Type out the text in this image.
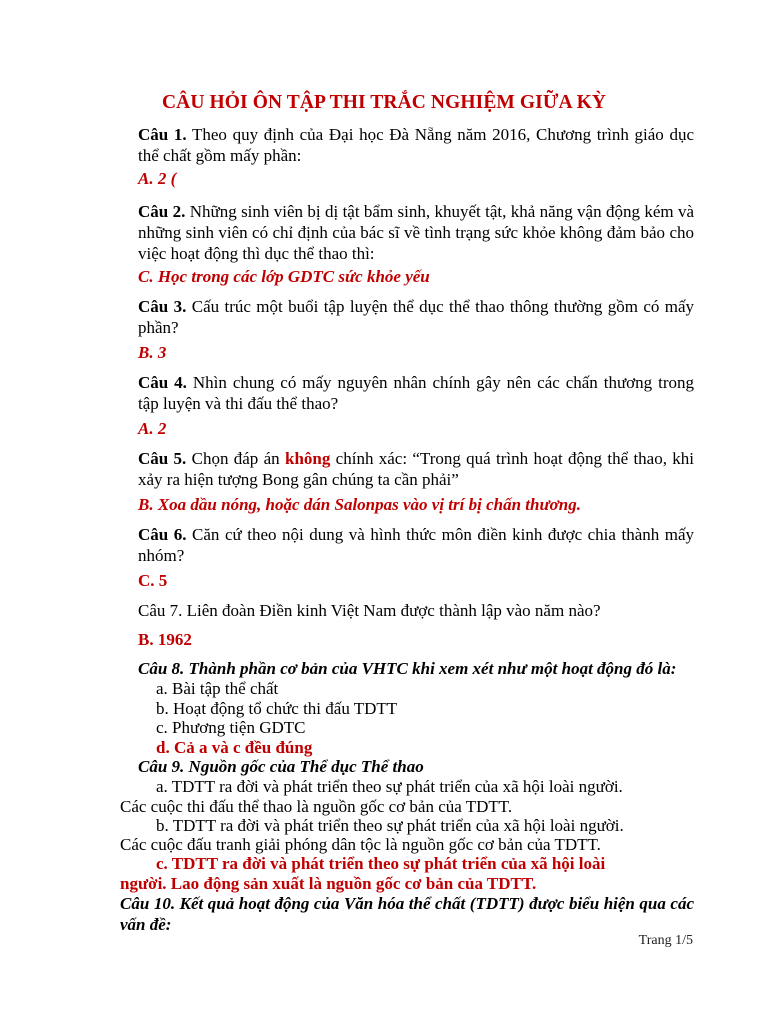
CÂU HỎI ÔN TẬP THI TRẮC NGHIỆM GIỮA KỲ
Câu 1. Theo quy định của Đại học Đà Nẵng năm 2016, Chương trình giáo dục thể chất gồm mấy phần:
A. 2 (
Câu 2. Những sinh viên bị dị tật bẩm sinh, khuyết tật, khả năng vận động kém và những sinh viên có chỉ định của bác sĩ về tình trạng sức khỏe không đảm bảo cho việc hoạt động thì dục thể thao thì:
C. Học trong các lớp GDTC sức khỏe yếu
Câu 3. Cấu trúc một buổi tập luyện thể dục thể thao thông thường gồm có mấy phần?
B. 3
Câu 4. Nhìn chung có mấy nguyên nhân chính gây nên các chấn thương trong tập luyện và thi đấu thể thao?
A. 2
Câu 5. Chọn đáp án không chính xác: “Trong quá trình hoạt động thể thao, khi xảy ra hiện tượng Bong gân chúng ta cần phải”
B. Xoa dầu nóng, hoặc dán Salonpas vào vị trí bị chấn thương.
Câu 6. Căn cứ theo nội dung và hình thức môn điền kinh được chia thành mấy nhóm?
C. 5
Câu 7. Liên đoàn Điền kinh Việt Nam được thành lập vào năm nào?
B. 1962
Câu 8. Thành phần cơ bản của VHTC khi xem xét như một hoạt động đó là:
a. Bài tập thể chất
b. Hoạt động tổ chức thi đấu TDTT
c. Phương tiện GDTC
d. Cả a và c đều đúng
Câu 9. Nguồn gốc của Thể dục Thể thao
a. TDTT ra đời và phát triển theo sự phát triển của xã hội loài người.
Các cuộc thi đấu thể thao là nguồn gốc cơ bản của TDTT.
b. TDTT ra đời và phát triển theo sự phát triển của xã hội loài người.
Các cuộc đấu tranh giải phóng dân tộc là nguồn gốc cơ bản của TDTT.
c. TDTT ra đời và phát triển theo sự phát triển của xã hội loài
người. Lao động sản xuất là nguồn gốc cơ bản của TDTT.
Câu 10. Kết quả hoạt động của Văn hóa thể chất (TDTT) được biểu hiện qua các vấn đề:
Trang 1/5
